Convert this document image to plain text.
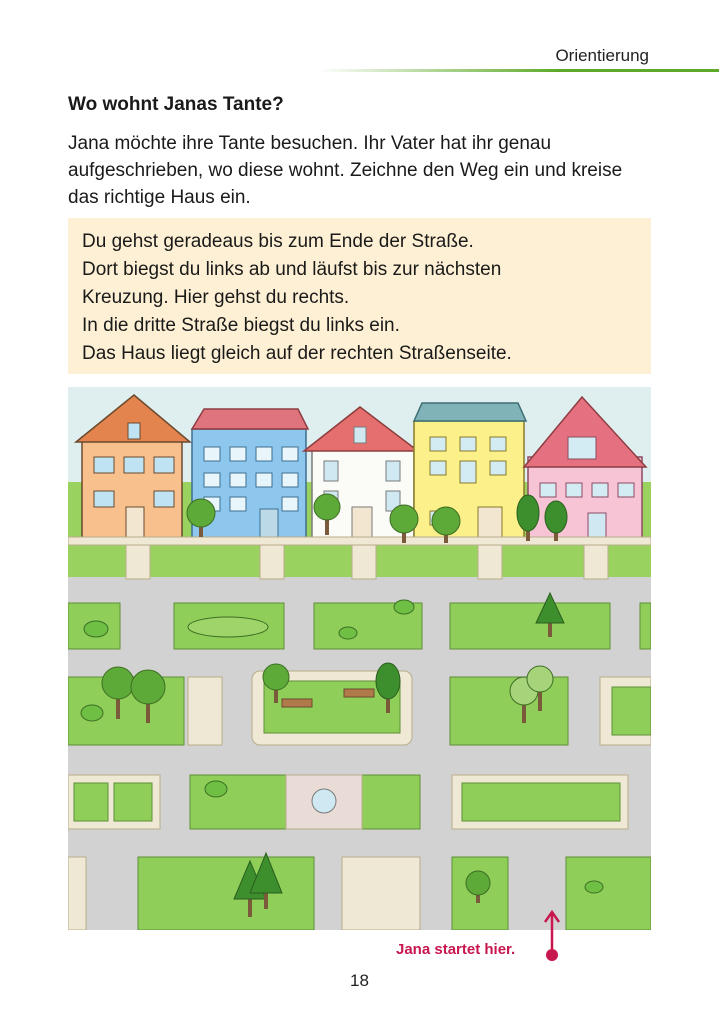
Orientierung
Wo wohnt Janas Tante?

Jana möchte ihre Tante besuchen. Ihr Vater hat ihr genau aufgeschrieben, wo diese wohnt. Zeichne den Weg ein und kreise das richtige Haus ein.

Du gehst geradeaus bis zum Ende der Straße.

Dort biegst du links ab und läufst bis zur nächsten

Kreuzung. Hier gehst du rechts.

In die dritte Straße biegst du links ein.

Das Haus liegt gleich auf der rechten Straßenseite.

Jana startet hier.
18
